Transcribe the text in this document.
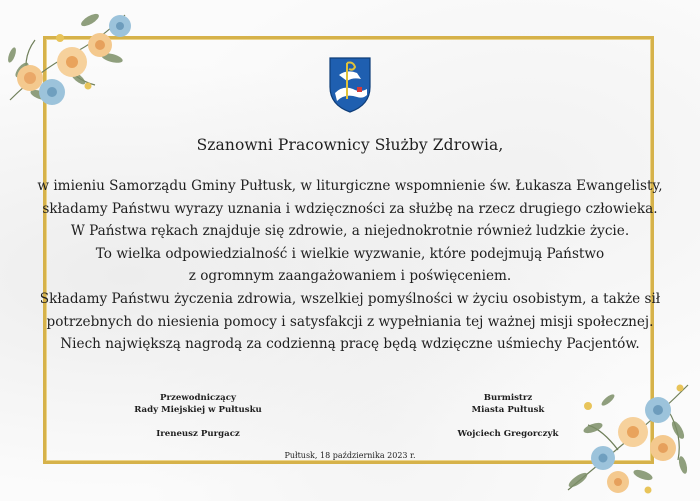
Szanowni Pracownicy Służby Zdrowia,
w imieniu Samorządu Gminy Pułtusk, w liturgiczne wspomnienie św. Łukasza Ewangelisty,
składamy Państwu wyrazy uznania i wdzięczności za służbę na rzecz drugiego człowieka.
W Państwa rękach znajduje się zdrowie, a niejednokrotnie również ludzkie życie.
To wielka odpowiedzialność i wielkie wyzwanie, które podejmują Państwo
z ogromnym zaangażowaniem i poświęceniem.
Składamy Państwu życzenia zdrowia, wszelkiej pomyślności w życiu osobistym, a także sił
potrzebnych do niesienia pomocy i satysfakcji z wypełniania tej ważnej misji społecznej.
Niech największą nagrodą za codzienną pracę będą wdzięczne uśmiechy Pacjentów.
Przewodniczący
Rady Miejskiej w Pułtusku
Ireneusz Purgacz
Burmistrz
Miasta Pułtusk
Wojciech Gregorczyk
Pułtusk, 18 października 2023 r.
